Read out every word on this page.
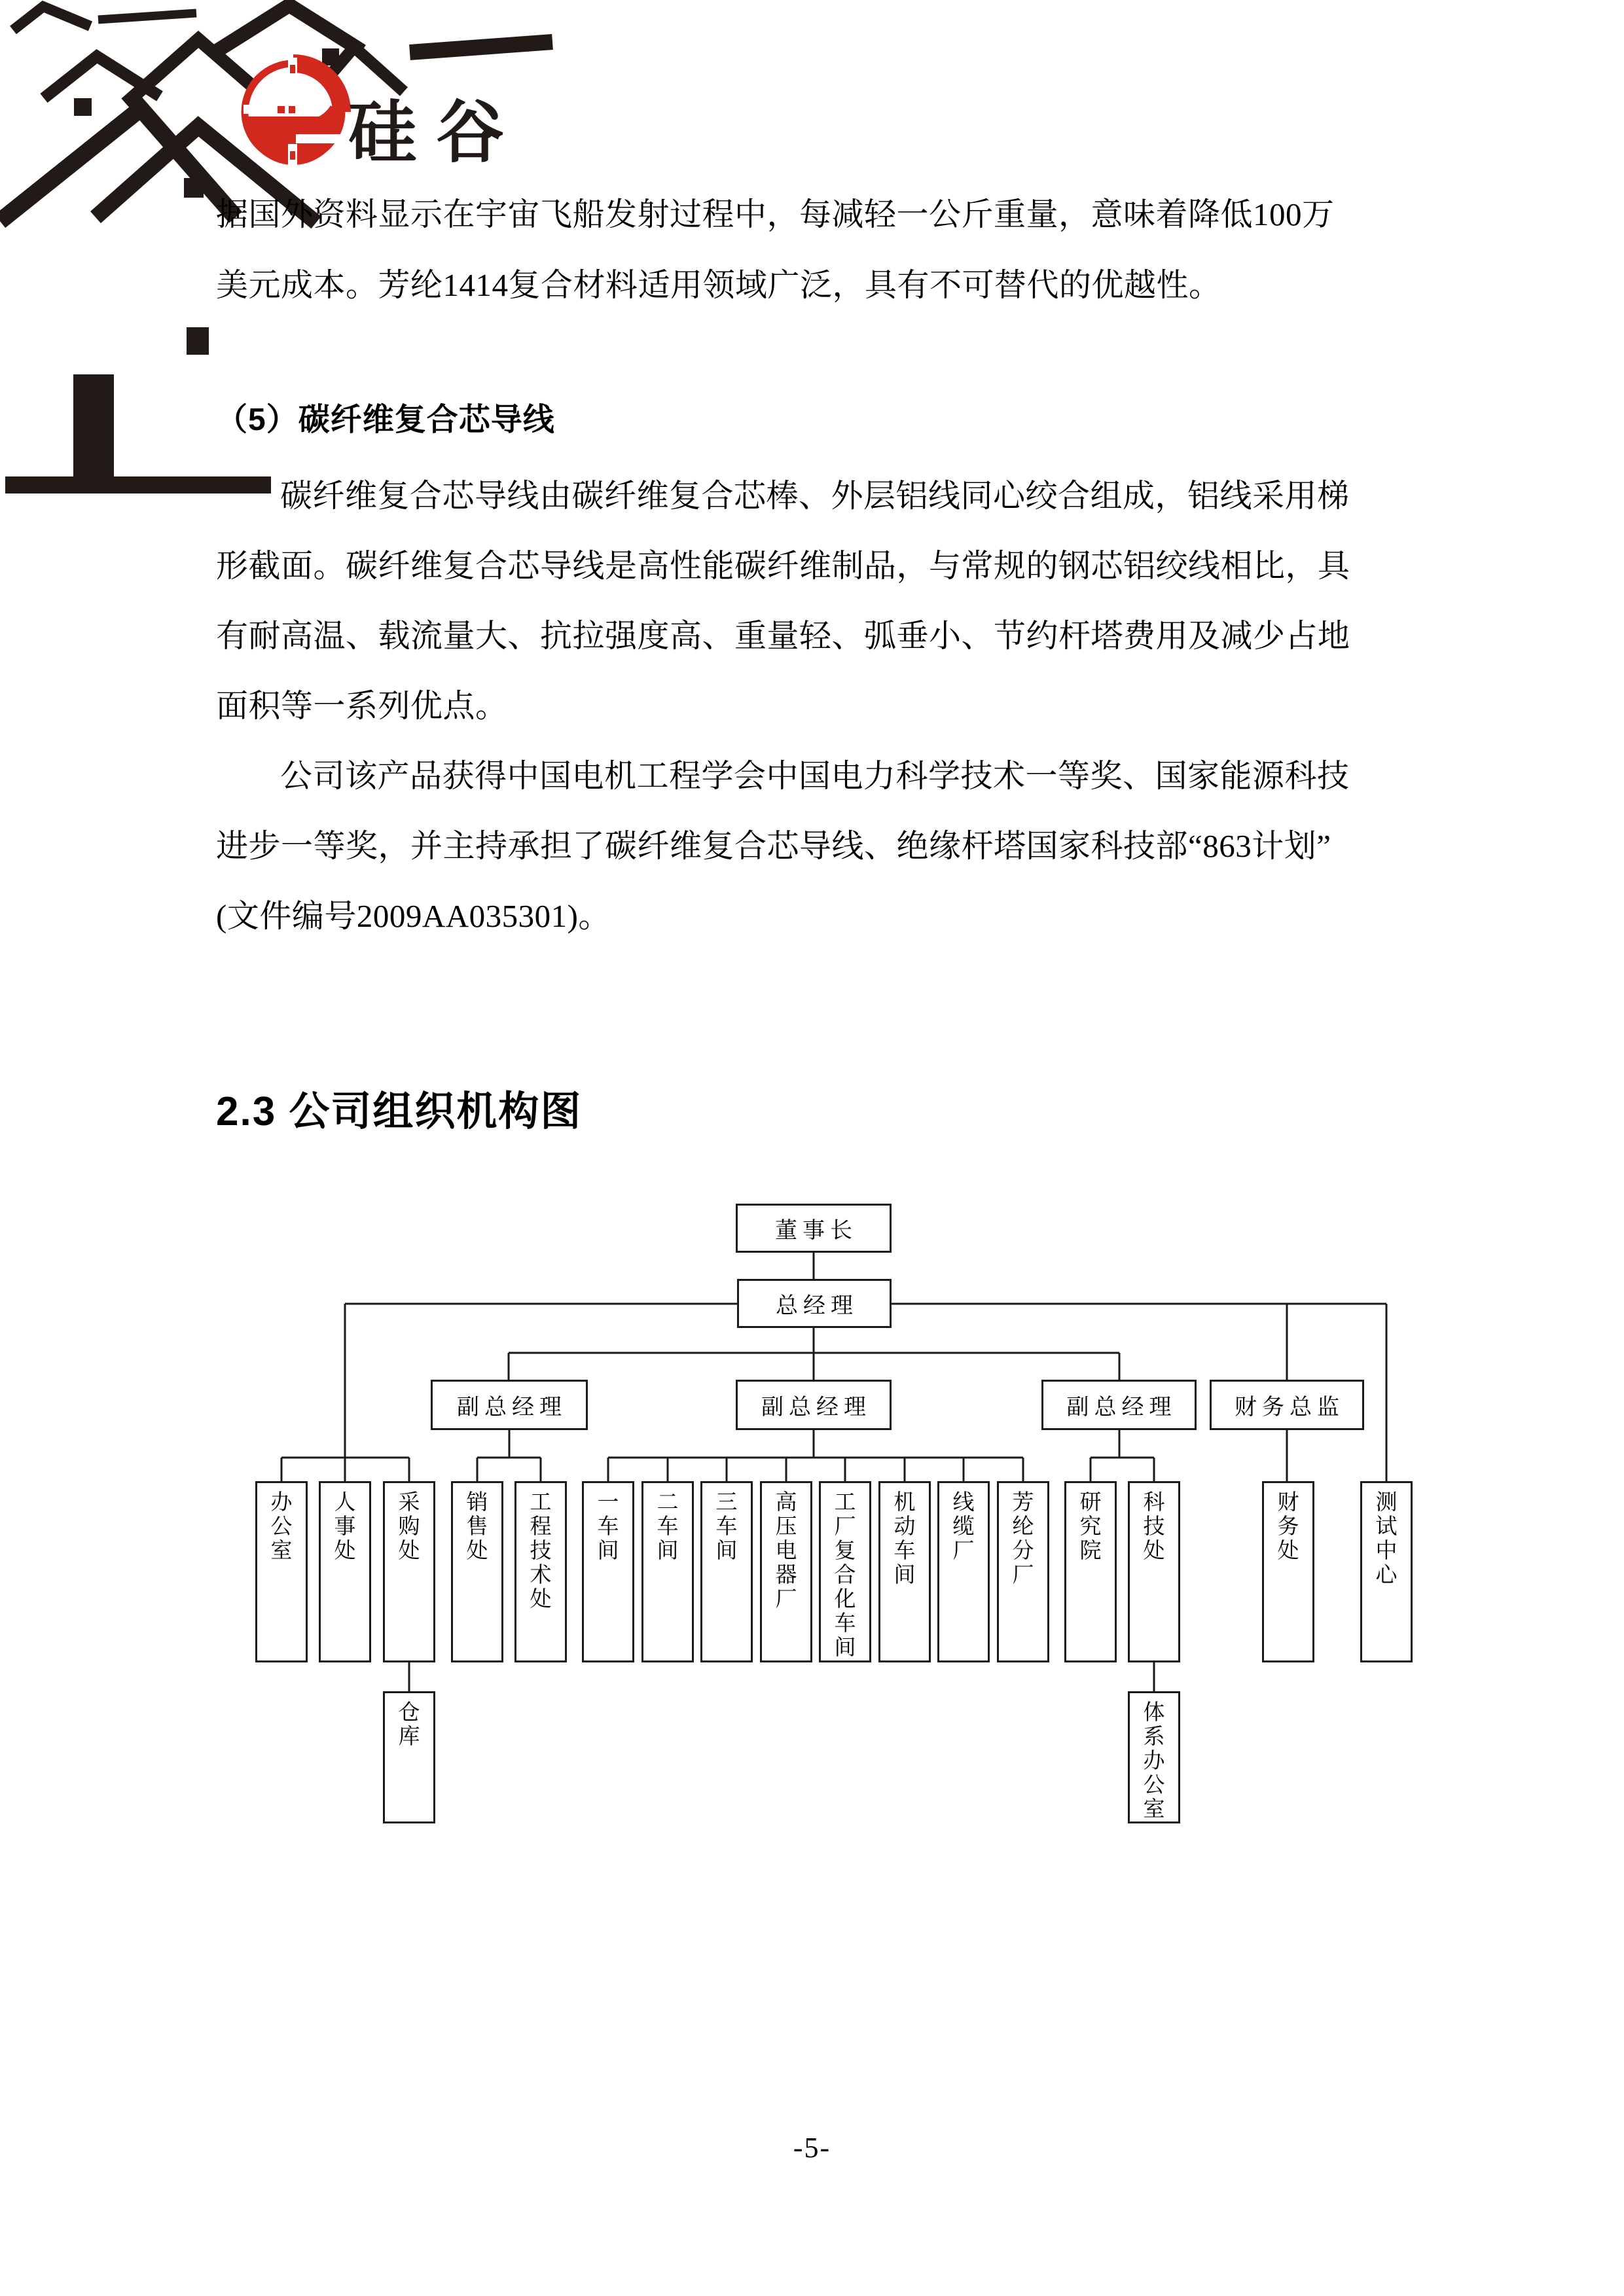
硅谷
据国外资料显示在宇宙飞船发射过程中，每减轻一公斤重量，意味着降低100万
美元成本。芳纶1414复合材料适用领域广泛，具有不可替代的优越性。
（5）碳纤维复合芯导线
碳纤维复合芯导线由碳纤维复合芯棒、外层铝线同心绞合组成，铝线采用梯
形截面。碳纤维复合芯导线是高性能碳纤维制品，与常规的钢芯铝绞线相比，具
有耐高温、载流量大、抗拉强度高、重量轻、弧垂小、节约杆塔费用及减少占地
面积等一系列优点。
公司该产品获得中国电机工程学会中国电力科学技术一等奖、国家能源科技
进步一等奖，并主持承担了碳纤维复合芯导线、绝缘杆塔国家科技部“863计划”
(文件编号2009AA035301)。
2.3 公司组织机构图
董事长
总经理
副总经理	副总经理	副总经理	财务总监
办公室
人事处
采购处
销售处
工程技术处
一车间
二车间
三车间
高压电器厂
工厂复合化车间
机动车间
线缆厂
芳纶分厂
研究院
科技处
财务处
测试中心
仓库
体系办公室
-5-
